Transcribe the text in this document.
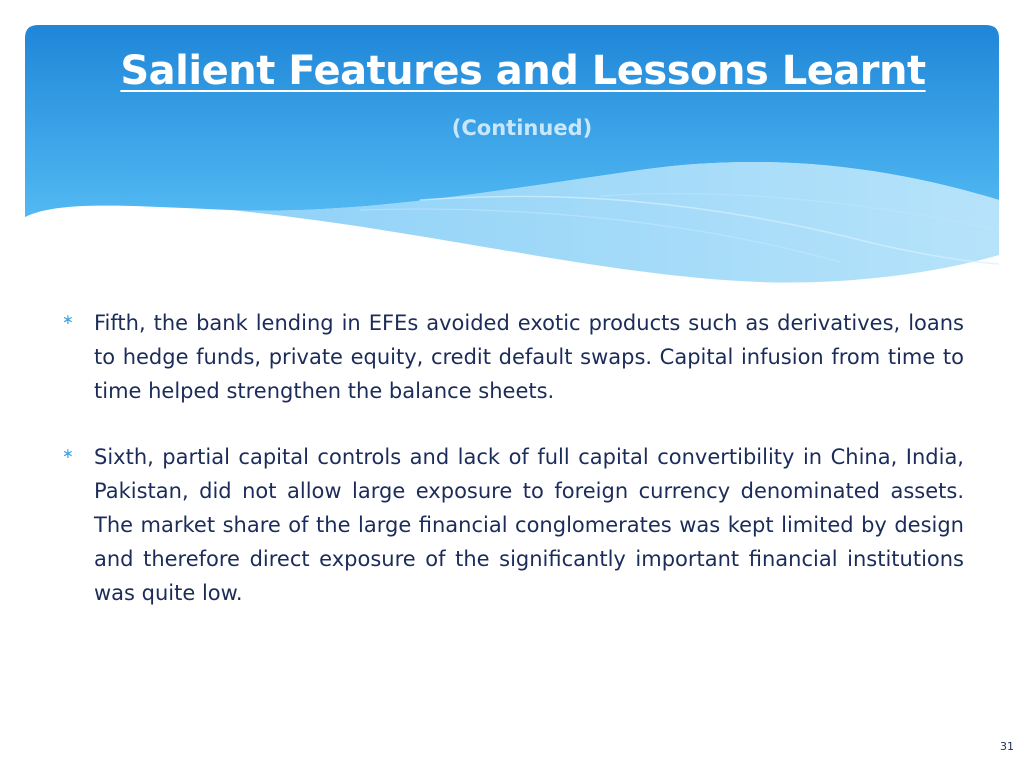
Salient Features and Lessons Learnt
(Continued)
∗ Fifth, the bank lending in EFEs avoided exotic products such as derivatives, loans to hedge funds, private equity, credit default swaps. Capital infusion from time to time helped strengthen the balance sheets.
∗ Sixth, partial capital controls and lack of full capital convertibility in China, India, Pakistan, did not allow large exposure to foreign currency denominated assets. The market share of the large financial conglomerates was kept limited by design and therefore direct exposure of the significantly important financial institutions was quite low.
31
